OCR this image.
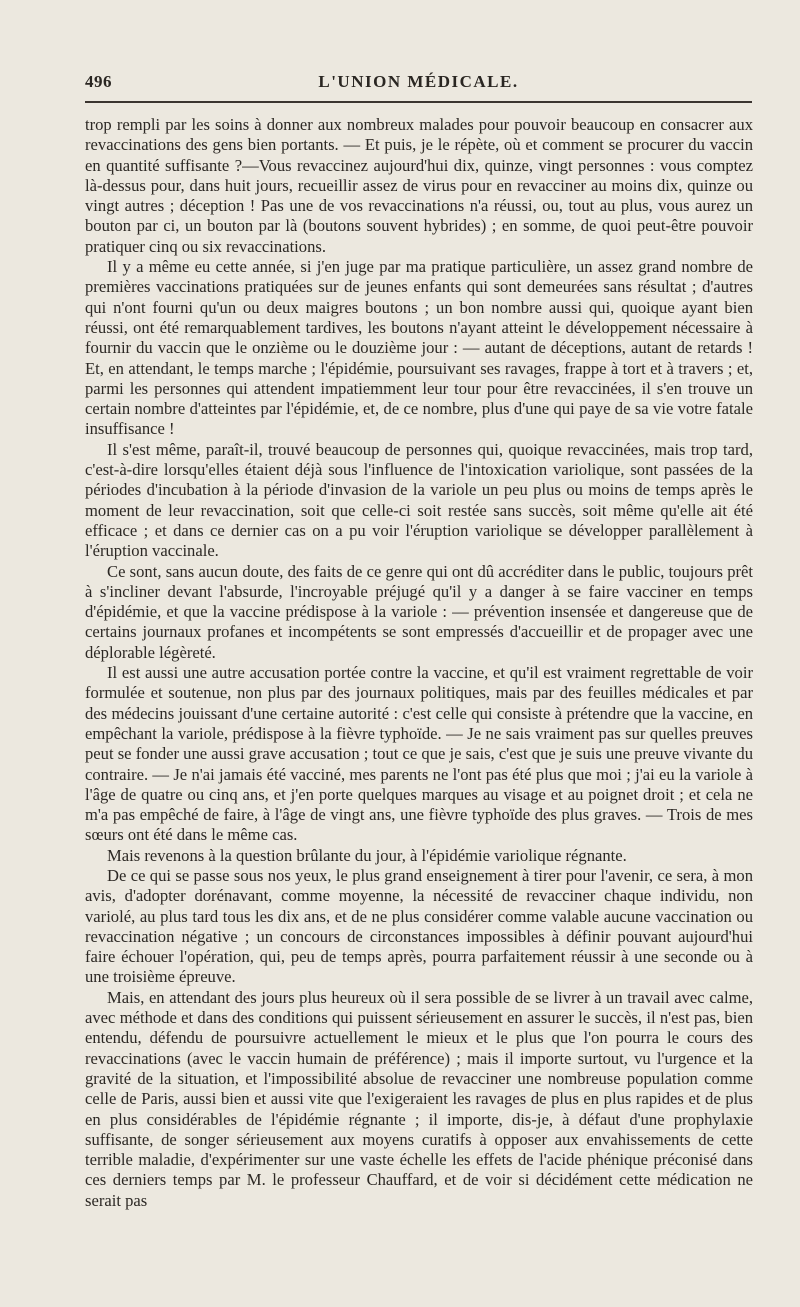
496	L'UNION MÉDICALE.

trop rempli par les soins à donner aux nombreux malades pour pouvoir beaucoup en consacrer aux revaccinations des gens bien portants. — Et puis, je le répète, où et comment se procurer du vaccin en quantité suffisante ?—Vous revaccinez aujourd'hui dix, quinze, vingt personnes : vous comptez là-dessus pour, dans huit jours, recueillir assez de virus pour en revacciner au moins dix, quinze ou vingt autres ; déception ! Pas une de vos revaccinations n'a réussi, ou, tout au plus, vous aurez un bouton par ci, un bouton par là (boutons souvent hybrides) ; en somme, de quoi peut-être pouvoir pratiquer cinq ou six revaccinations.

Il y a même eu cette année, si j'en juge par ma pratique particulière, un assez grand nombre de premières vaccinations pratiquées sur de jeunes enfants qui sont demeurées sans résultat ; d'autres qui n'ont fourni qu'un ou deux maigres boutons ; un bon nombre aussi qui, quoique ayant bien réussi, ont été remarquablement tardives, les boutons n'ayant atteint le développement nécessaire à fournir du vaccin que le onzième ou le douzième jour : — autant de déceptions, autant de retards ! Et, en attendant, le temps marche ; l'épidémie, poursuivant ses ravages, frappe à tort et à travers ; et, parmi les personnes qui attendent impatiemment leur tour pour être revaccinées, il s'en trouve un certain nombre d'atteintes par l'épidémie, et, de ce nombre, plus d'une qui paye de sa vie votre fatale insuffisance !

Il s'est même, paraît-il, trouvé beaucoup de personnes qui, quoique revaccinées, mais trop tard, c'est-à-dire lorsqu'elles étaient déjà sous l'influence de l'intoxication variolique, sont passées de la périodes d'incubation à la période d'invasion de la variole un peu plus ou moins de temps après le moment de leur revaccination, soit que celle-ci soit restée sans succès, soit même qu'elle ait été efficace ; et dans ce dernier cas on a pu voir l'éruption variolique se développer parallèlement à l'éruption vaccinale.

Ce sont, sans aucun doute, des faits de ce genre qui ont dû accréditer dans le public, toujours prêt à s'incliner devant l'absurde, l'incroyable préjugé qu'il y a danger à se faire vacciner en temps d'épidémie, et que la vaccine prédispose à la variole : — prévention insensée et dangereuse que de certains journaux profanes et incompétents se sont empressés d'accueillir et de propager avec une déplorable légèreté.

Il est aussi une autre accusation portée contre la vaccine, et qu'il est vraiment regrettable de voir formulée et soutenue, non plus par des journaux politiques, mais par des feuilles médicales et par des médecins jouissant d'une certaine autorité : c'est celle qui consiste à prétendre que la vaccine, en empêchant la variole, prédispose à la fièvre typhoïde. — Je ne sais vraiment pas sur quelles preuves peut se fonder une aussi grave accusation ; tout ce que je sais, c'est que je suis une preuve vivante du contraire. — Je n'ai jamais été vacciné, mes parents ne l'ont pas été plus que moi ; j'ai eu la variole à l'âge de quatre ou cinq ans, et j'en porte quelques marques au visage et au poignet droit ; et cela ne m'a pas empêché de faire, à l'âge de vingt ans, une fièvre typhoïde des plus graves. — Trois de mes sœurs ont été dans le même cas.

Mais revenons à la question brûlante du jour, à l'épidémie variolique régnante.

De ce qui se passe sous nos yeux, le plus grand enseignement à tirer pour l'avenir, ce sera, à mon avis, d'adopter dorénavant, comme moyenne, la nécessité de revacciner chaque individu, non variolé, au plus tard tous les dix ans, et de ne plus considérer comme valable aucune vaccination ou revaccination négative ; un concours de circonstances impossibles à définir pouvant aujourd'hui faire échouer l'opération, qui, peu de temps après, pourra parfaitement réussir à une seconde ou à une troisième épreuve.

Mais, en attendant des jours plus heureux où il sera possible de se livrer à un travail avec calme, avec méthode et dans des conditions qui puissent sérieusement en assurer le succès, il n'est pas, bien entendu, défendu de poursuivre actuellement le mieux et le plus que l'on pourra le cours des revaccinations (avec le vaccin humain de préférence) ; mais il importe surtout, vu l'urgence et la gravité de la situation, et l'impossibilité absolue de revacciner une nombreuse population comme celle de Paris, aussi bien et aussi vite que l'exigeraient les ravages de plus en plus rapides et de plus en plus considérables de l'épidémie régnante ; il importe, dis-je, à défaut d'une prophylaxie suffisante, de songer sérieusement aux moyens curatifs à opposer aux envahissements de cette terrible maladie, d'expérimenter sur une vaste échelle les effets de l'acide phénique préconisé dans ces derniers temps par M. le professeur Chauffard, et de voir si décidément cette médication ne serait pas
